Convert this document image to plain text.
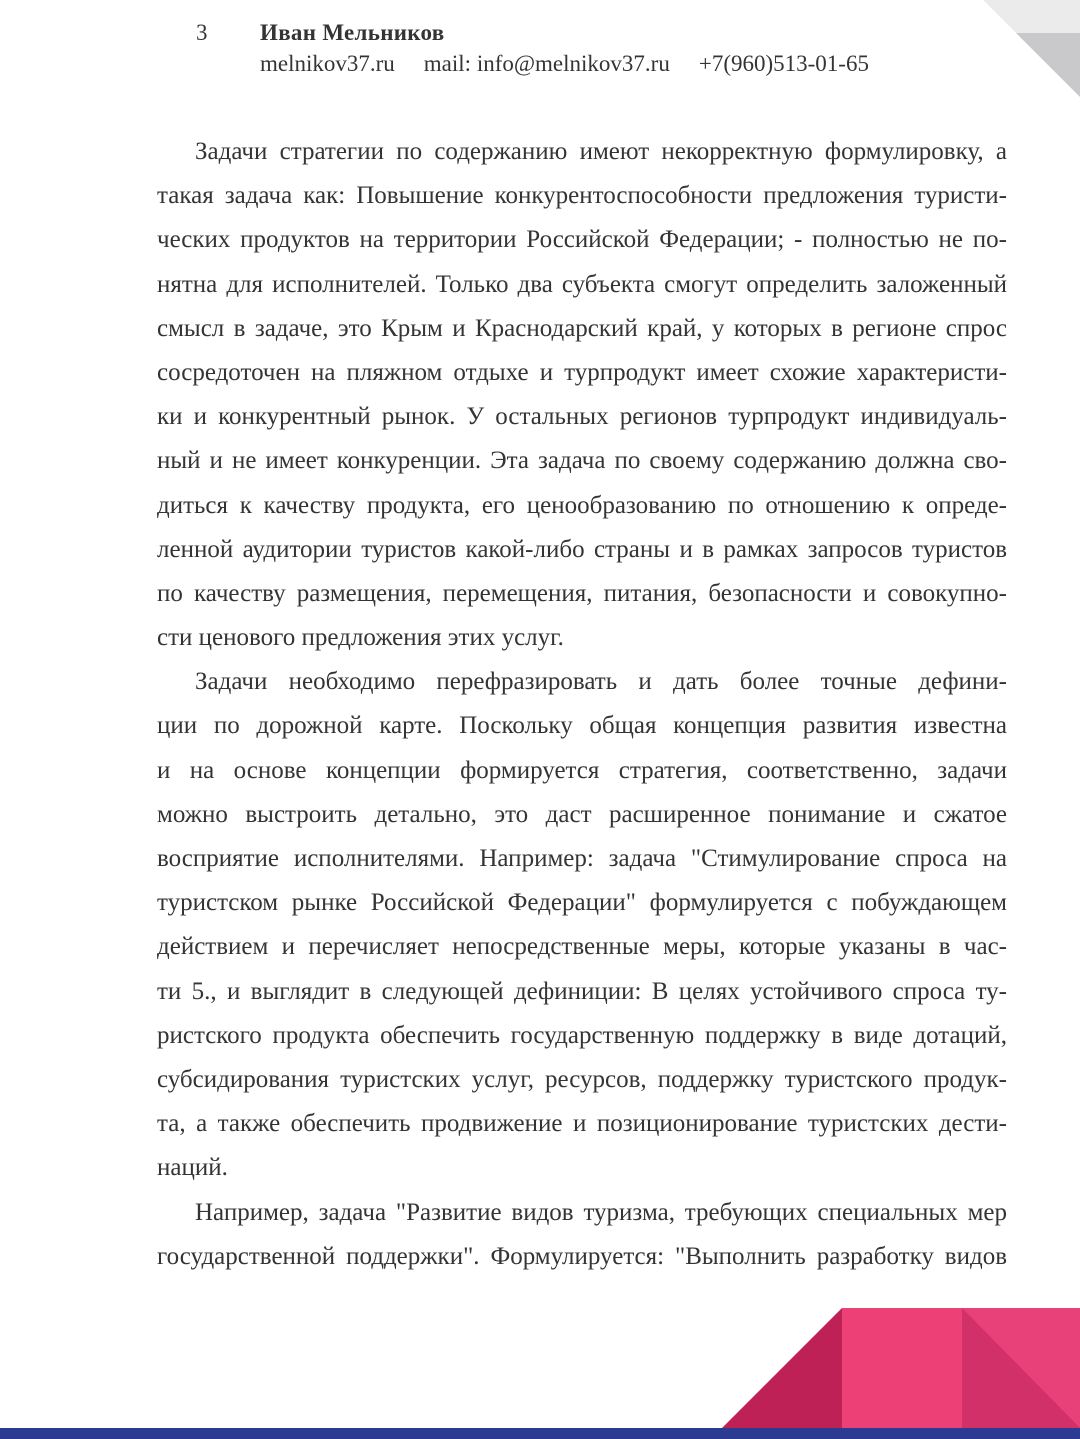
3	Иван Мельников
melnikov37.ru mail: info@melnikov37.ru +7(960)513-01-65
Задачи стратегии по содержанию имеют некорректную формулировку, а
такая задача как: Повышение конкурентоспособности предложения туристи-
ческих продуктов на территории Российской Федерации; - полностью не по-
нятна для исполнителей. Только два субъекта смогут определить заложенный
смысл в задаче, это Крым и Краснодарский край, у которых в регионе спрос
сосредоточен на пляжном отдыхе и турпродукт имеет схожие характеристи-
ки и конкурентный рынок. У остальных регионов турпродукт индивидуаль-
ный и не имеет конкуренции. Эта задача по своему содержанию должна сво-
диться к качеству продукта, его ценообразованию по отношению к опреде-
ленной аудитории туристов какой-либо страны и в рамках запросов туристов
по качеству размещения, перемещения, питания, безопасности и совокупно-
сти ценового предложения этих услуг.
Задачи необходимо перефразировать и дать более точные дефини-
ции по дорожной карте. Поскольку общая концепция развития известна
и на основе концепции формируется стратегия, соответственно, задачи
можно выстроить детально, это даст расширенное понимание и сжатое
восприятие исполнителями. Например: задача "Стимулирование спроса на
туристском рынке Российской Федерации" формулируется с побуждающем
действием и перечисляет непосредственные меры, которые указаны в час-
ти 5., и выглядит в следующей дефиниции: В целях устойчивого спроса ту-
ристского продукта обеспечить государственную поддержку в виде дотаций,
субсидирования туристских услуг, ресурсов, поддержку туристского продук-
та, а также обеспечить продвижение и позиционирование туристских дести-
наций.
Например, задача "Развитие видов туризма, требующих специальных мер
государственной поддержки". Формулируется: "Выполнить разработку видов
